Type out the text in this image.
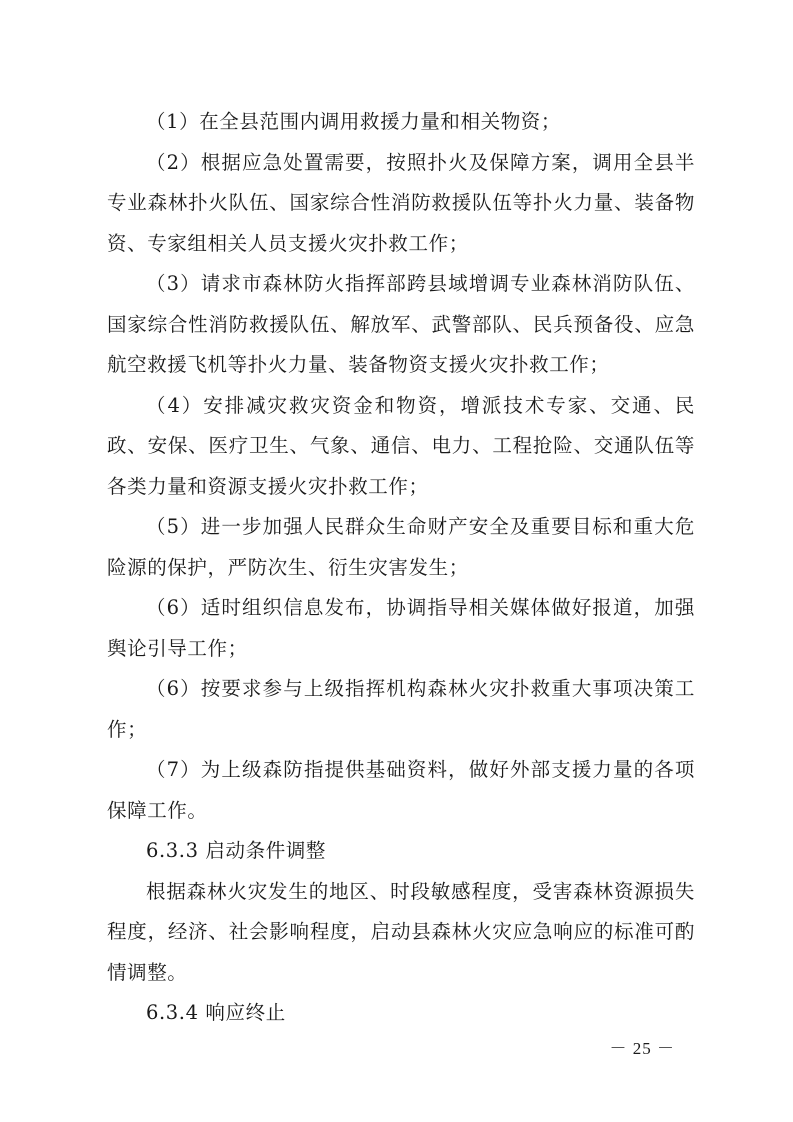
（1）在全县范围内调用救援力量和相关物资；

（2）根据应急处置需要，按照扑火及保障方案，调用全县半专业森林扑火队伍、国家综合性消防救援队伍等扑火力量、装备物资、专家组相关人员支援火灾扑救工作；

（3）请求市森林防火指挥部跨县域增调专业森林消防队伍、国家综合性消防救援队伍、解放军、武警部队、民兵预备役、应急航空救援飞机等扑火力量、装备物资支援火灾扑救工作；

（4）安排减灾救灾资金和物资，增派技术专家、交通、民政、安保、医疗卫生、气象、通信、电力、工程抢险、交通队伍等各类力量和资源支援火灾扑救工作；

（5）进一步加强人民群众生命财产安全及重要目标和重大危险源的保护，严防次生、衍生灾害发生；

（6）适时组织信息发布，协调指导相关媒体做好报道，加强舆论引导工作；

（6）按要求参与上级指挥机构森林火灾扑救重大事项决策工作；

（7）为上级森防指提供基础资料，做好外部支援力量的各项保障工作。

6.3.3 启动条件调整

根据森林火灾发生的地区、时段敏感程度，受害森林资源损失程度，经济、社会影响程度，启动县森林火灾应急响应的标准可酌情调整。

6.3.4 响应终止

－ 25 －
